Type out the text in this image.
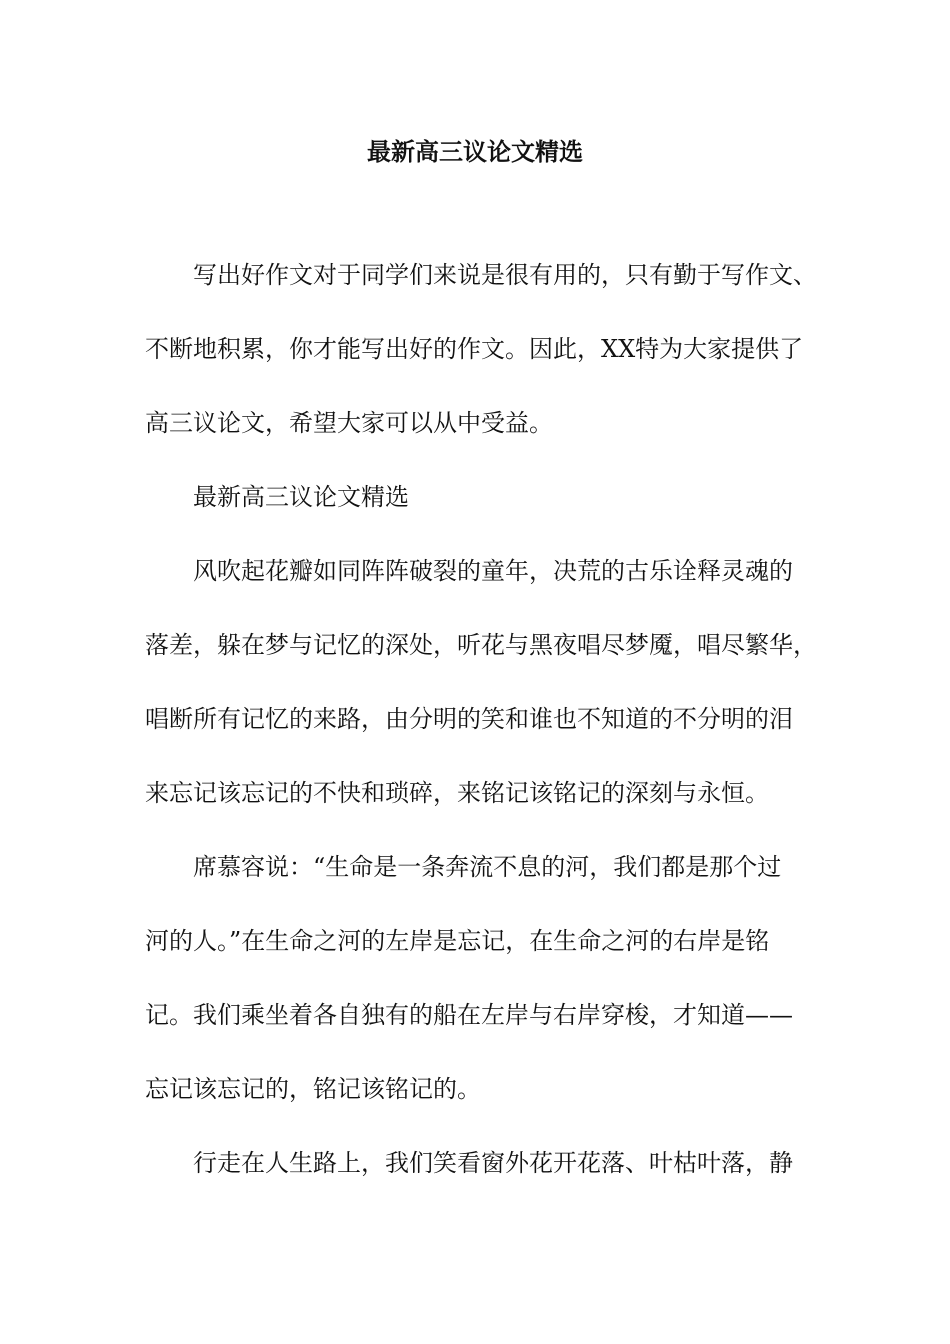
最新高三议论文精选

写出好作文对于同学们来说是很有用的，只有勤于写作文、

不断地积累，你才能写出好的作文。因此，XX特为大家提供了

高三议论文，希望大家可以从中受益。

最新高三议论文精选

风吹起花瓣如同阵阵破裂的童年，决荒的古乐诠释灵魂的

落差，躲在梦与记忆的深处，听花与黑夜唱尽梦魇，唱尽繁华，

唱断所有记忆的来路，由分明的笑和谁也不知道的不分明的泪

来忘记该忘记的不快和琐碎，来铭记该铭记的深刻与永恒。

席慕容说：“生命是一条奔流不息的河，我们都是那个过

河的人。”在生命之河的左岸是忘记，在生命之河的右岸是铭

记。我们乘坐着各自独有的船在左岸与右岸穿梭，才知道——

忘记该忘记的，铭记该铭记的。

行走在人生路上，我们笑看窗外花开花落、叶枯叶落，静
